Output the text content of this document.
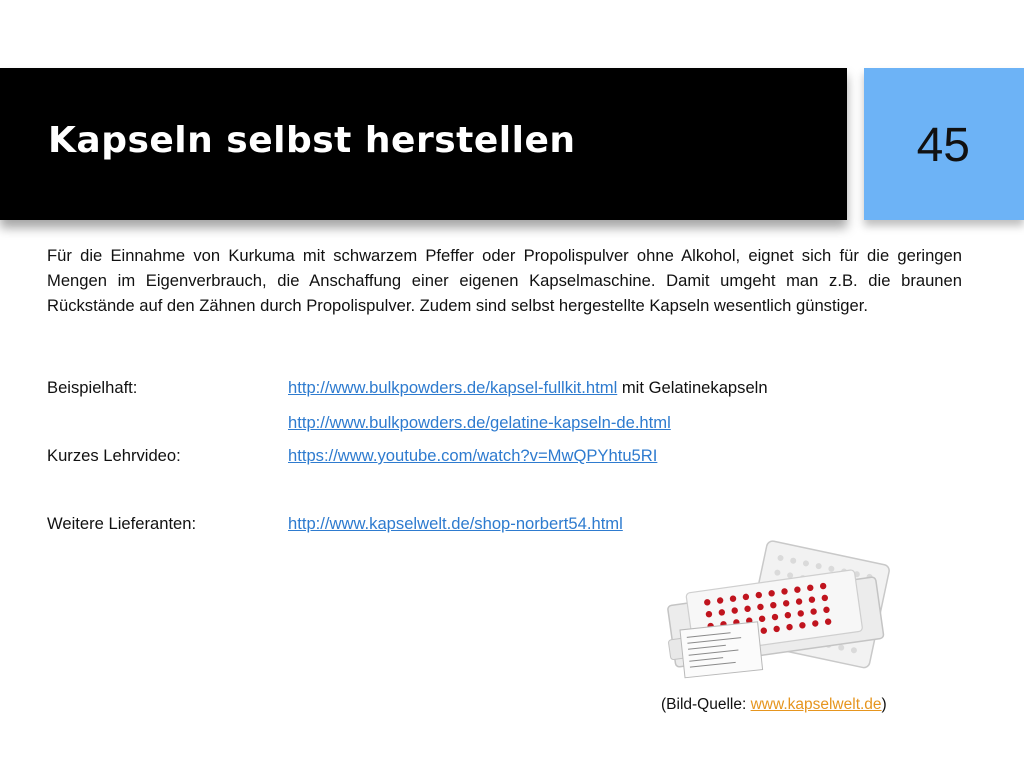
Kapseln selbst herstellen	45
Für die Einnahme von Kurkuma mit schwarzem Pfeffer oder Propolispulver ohne Alkohol, eignet sich für die geringen Mengen im Eigenverbrauch, die Anschaffung einer eigenen Kapselmaschine. Damit umgeht man z.B. die braunen Rückstände auf den Zähnen durch Propolispulver. Zudem sind selbst hergestellte Kapseln wesentlich günstiger.
Beispielhaft:	http://www.bulkpowders.de/kapsel-fullkit.html mit Gelatinekapseln
http://www.bulkpowders.de/gelatine-kapseln-de.html
Kurzes Lehrvideo:	https://www.youtube.com/watch?v=MwQPYhtu5RI
Weitere Lieferanten:	http://www.kapselwelt.de/shop-norbert54.html
(Bild-Quelle: www.kapselwelt.de)
